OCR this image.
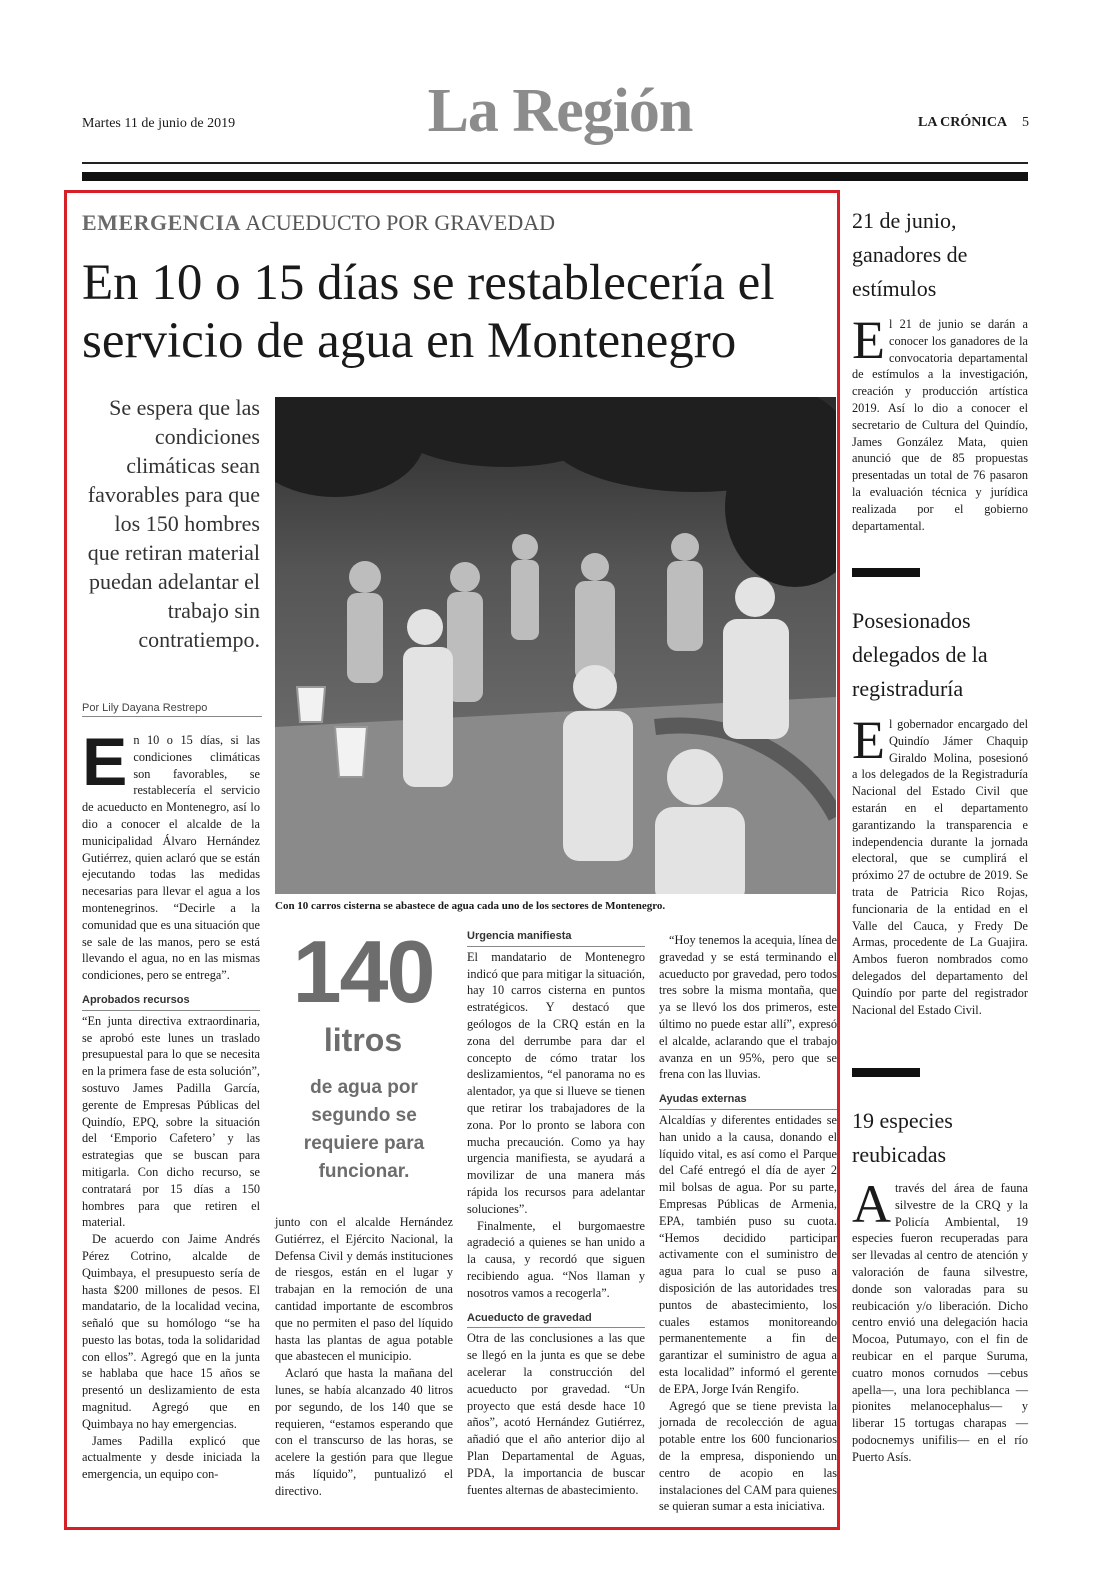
Martes 11 de junio de 2019	La Región	LA CRÓNICA 5
EMERGENCIA ACUEDUCTO POR GRAVEDAD
En 10 o 15 días se restablecería el
servicio de agua en Montenegro
Se espera que las condiciones climáticas sean favorables para que los 150 hombres que retiran material puedan adelantar el trabajo sin contratiempo.
Con 10 carros cisterna se abastece de agua cada uno de los sectores de Montenegro.
Por Lily Dayana Restrepo

En 10 o 15 días, si las condiciones climáticas son favorables, se restablecería el servicio de acueducto en Montenegro, así lo dio a conocer el alcalde de la municipalidad Álvaro Hernández Gutiérrez, quien aclaró que se están ejecutando todas las medidas necesarias para llevar el agua a los montenegrinos. “Decirle a la comunidad que es una situación que se sale de las manos, pero se está llevando el agua, no en las mismas condiciones, pero se entrega”.

Aprobados recursos

“En junta directiva extraordinaria, se aprobó este lunes un traslado presupuestal para lo que se necesita en la primera fase de esta solución”, sostuvo James Padilla García, gerente de Empresas Públicas del Quindío, EPQ, sobre la situación del ‘Emporio Cafetero’ y las estrategias que se buscan para mitigarla. Con dicho recurso, se contratará por 15 días a 150 hombres para que retiren el material.

De acuerdo con Jaime Andrés Pérez Cotrino, alcalde de Quimbaya, el presupuesto sería de hasta $200 millones de pesos. El mandatario, de la localidad vecina, señaló que su homólogo “se ha puesto las botas, toda la solidaridad con ellos”. Agregó que en la junta se hablaba que hace 15 años se presentó un deslizamiento de esta magnitud. Agregó que en Quimbaya no hay emergencias.

James Padilla explicó que actualmente y desde iniciada la emergencia, un equipo con-

140
litros
de agua por segundo se requiere para funcionar.

junto con el alcalde Hernández Gutiérrez, el Ejército Nacional, la Defensa Civil y demás instituciones de riesgos, están en el lugar y trabajan en la remoción de una cantidad importante de escombros que no permiten el paso del líquido hasta las plantas de agua potable que abastecen el municipio.

Aclaró que hasta la mañana del lunes, se había alcanzado 40 litros por segundo, de los 140 que se requieren, “estamos esperando que con el transcurso de las horas, se acelere la gestión para que llegue más líquido”, puntualizó el directivo.

Urgencia manifiesta

El mandatario de Montenegro indicó que para mitigar la situación, hay 10 carros cisterna en puntos estratégicos. Y destacó que geólogos de la CRQ están en la zona del derrumbe para dar el concepto de cómo tratar los deslizamientos, “el panorama no es alentador, ya que si llueve se tienen que retirar los trabajadores de la zona. Por lo pronto se labora con mucha precaución. Como ya hay urgencia manifiesta, se ayudará a movilizar de una manera más rápida los recursos para adelantar soluciones”.

Finalmente, el burgomaestre agradeció a quienes se han unido a la causa, y recordó que siguen recibiendo agua. “Nos llaman y nosotros vamos a recogerla”.

Acueducto de gravedad

Otra de las conclusiones a las que se llegó en la junta es que se debe acelerar la construcción del acueducto por gravedad. “Un proyecto que está desde hace 10 años”, acotó Hernández Gutiérrez, añadió que el año anterior dijo al Plan Departamental de Aguas, PDA, la importancia de buscar fuentes alternas de abastecimiento.

“Hoy tenemos la acequia, línea de gravedad y se está terminando el acueducto por gravedad, pero todos tres sobre la misma montaña, que ya se llevó los dos primeros, este último no puede estar allí”, expresó el alcalde, aclarando que el trabajo avanza en un 95%, pero que se frena con las lluvias.

Ayudas externas

Alcaldías y diferentes entidades se han unido a la causa, donando el líquido vital, es así como el Parque del Café entregó el día de ayer 2 mil bolsas de agua. Por su parte, Empresas Públicas de Armenia, EPA, también puso su cuota. “Hemos decidido participar activamente con el suministro de agua para lo cual se puso a disposición de las autoridades tres puntos de abastecimiento, los cuales estamos monitoreando permanentemente a fin de garantizar el suministro de agua a esta localidad” informó el gerente de EPA, Jorge Iván Rengifo.

Agregó que se tiene prevista la jornada de recolección de agua potable entre los 600 funcionarios de la empresa, disponiendo un centro de acopio en las instalaciones del CAM para quienes se quieran sumar a esta iniciativa.

21 de junio, ganadores de estímulos

El 21 de junio se darán a conocer los ganadores de la convocatoria departamental de estímulos a la investigación, creación y producción artística 2019. Así lo dio a conocer el secretario de Cultura del Quindío, James González Mata, quien anunció que de 85 propuestas presentadas un total de 76 pasaron la evaluación técnica y jurídica realizada por el gobierno departamental.

Posesionados delegados de la registraduría

El gobernador encargado del Quindío Jámer Chaquip Giraldo Molina, posesionó a los delegados de la Registraduría Nacional del Estado Civil que estarán en el departamento garantizando la transparencia e independencia durante la jornada electoral, que se cumplirá el próximo 27 de octubre de 2019. Se trata de Patricia Rico Rojas, funcionaria de la entidad en el Valle del Cauca, y Fredy De Armas, procedente de La Guajira. Ambos fueron nombrados como delegados del departamento del Quindío por parte del registrador Nacional del Estado Civil.

19 especies reubicadas

Através del área de fauna silvestre de la CRQ y la Policía Ambiental, 19 especies fueron recuperadas para ser llevadas al centro de atención y valoración de fauna silvestre, donde son valoradas para su reubicación y/o liberación. Dicho centro envió una delegación hacia Mocoa, Putumayo, con el fin de reubicar en el parque Suruma, cuatro monos cornudos —cebus apella—, una lora pechiblanca —pionites melanocephalus— y liberar 15 tortugas charapas —podocnemys unifilis— en el río Puerto Asís.
